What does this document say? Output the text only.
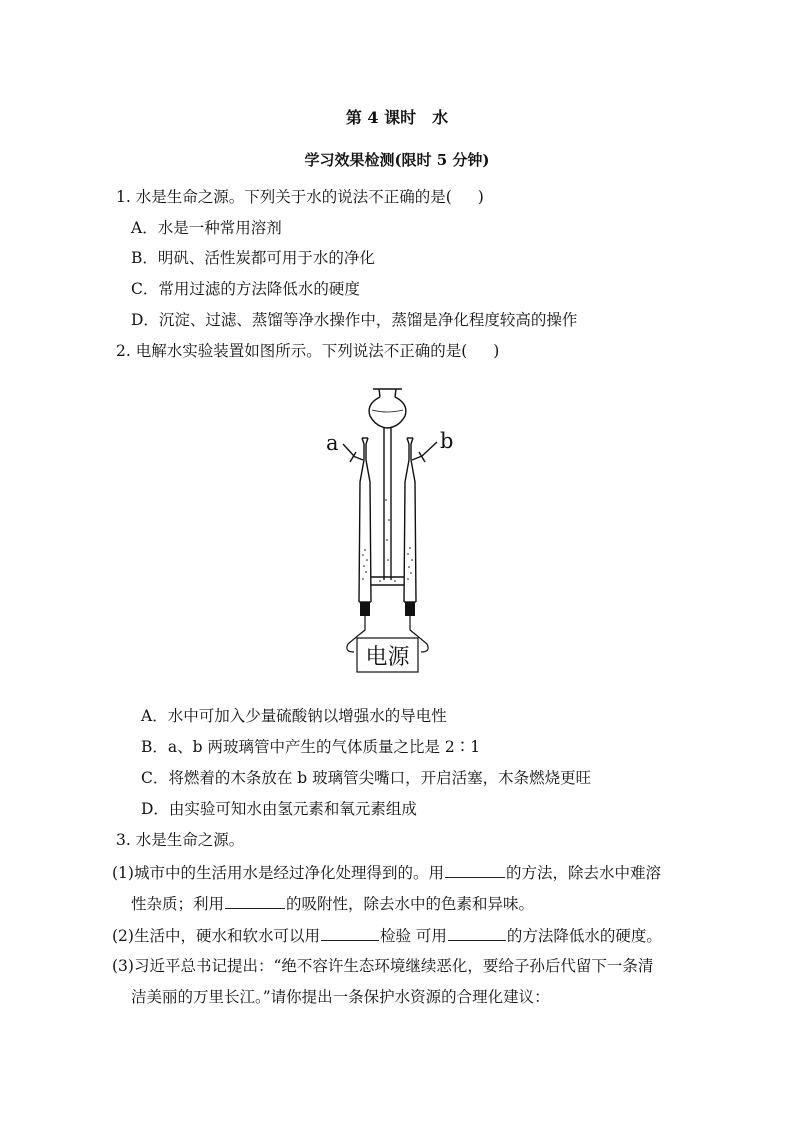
第 4 课时　水
学习效果检测(限时 5 分钟)
1. 水是生命之源。下列关于水的说法不正确的是( )
A．水是一种常用溶剂
B．明矾、活性炭都可用于水的净化
C．常用过滤的方法降低水的硬度
D．沉淀、过滤、蒸馏等净水操作中，蒸馏是净化程度较高的操作
2. 电解水实验装置如图所示。下列说法不正确的是( )
a	b
电源
A．水中可加入少量硫酸钠以增强水的导电性
B．a、b 两玻璃管中产生的气体质量之比是 2∶1
C．将燃着的木条放在 b 玻璃管尖嘴口，开启活塞，木条燃烧更旺
D．由实验可知水由氢元素和氧元素组成
3. 水是生命之源。
(1)城市中的生活用水是经过净化处理得到的。用	的方法，除去水中难溶
性杂质；利用	的吸附性，除去水中的色素和异味。
(2)生活中，硬水和软水可以用	检验 可用	的方法降低水的硬度。
(3)习近平总书记提出：“绝不容许生态环境继续恶化，要给子孙后代留下一条清
洁美丽的万里长江。”请你提出一条保护水资源的合理化建议：
